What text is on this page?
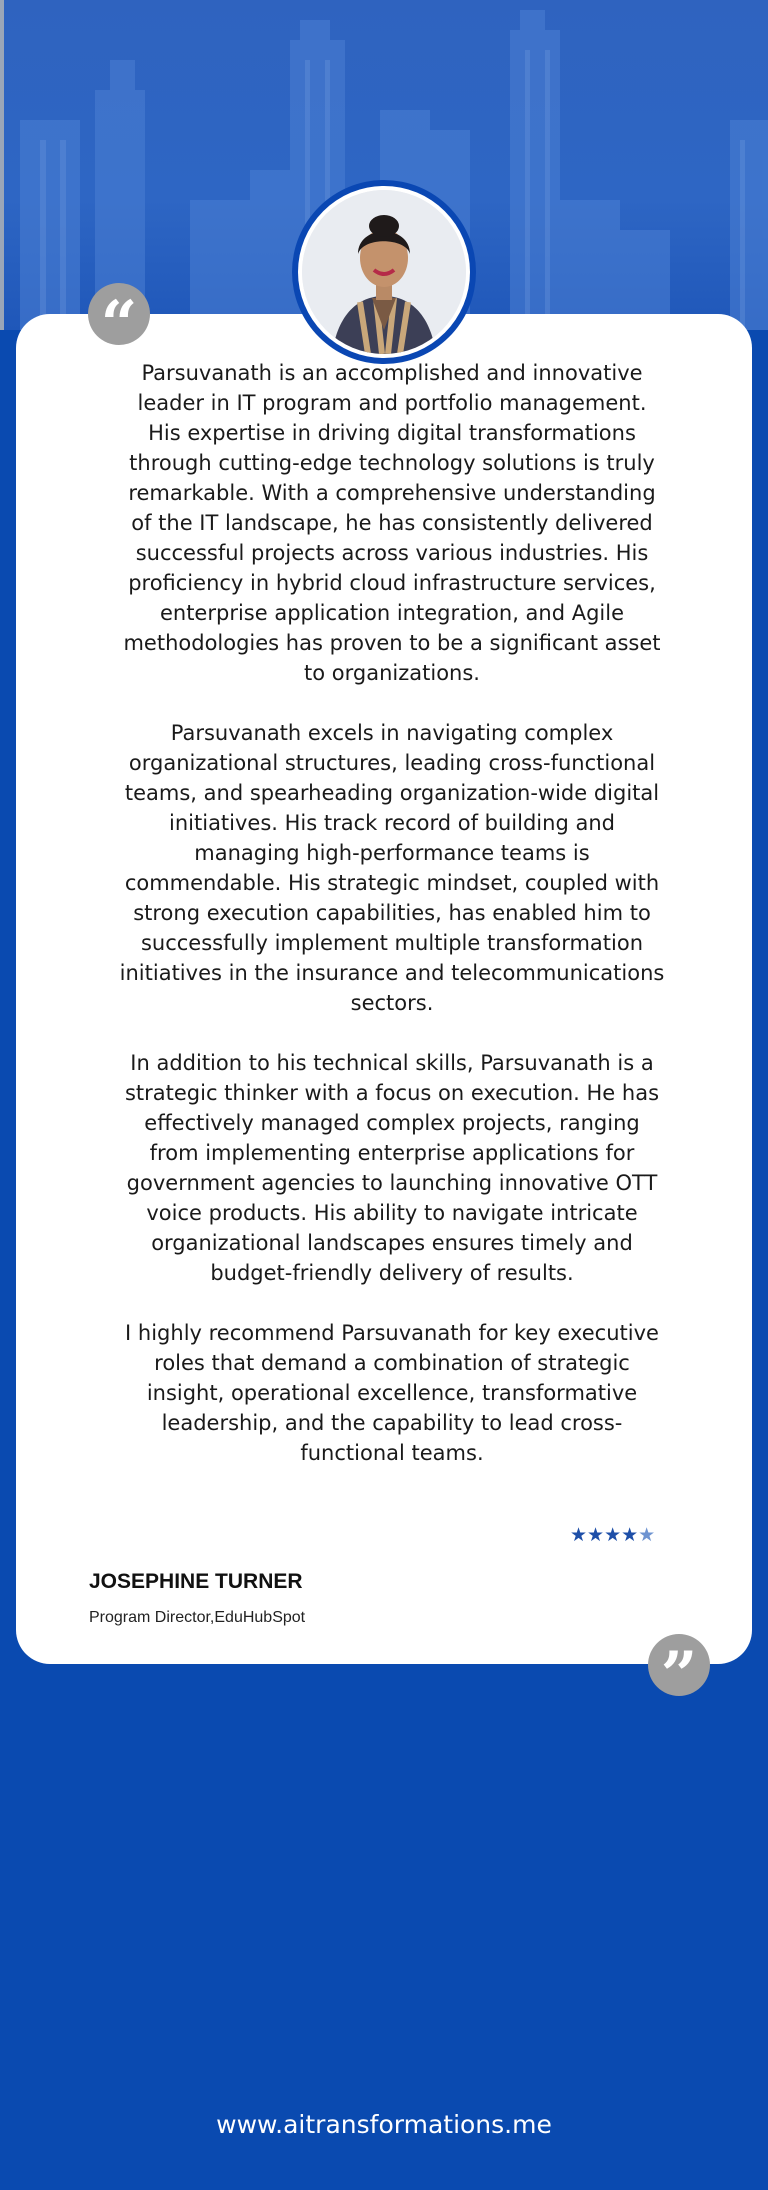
“

Parsuvanath is an accomplished and innovative leader in IT program and portfolio management. His expertise in driving digital transformations through cutting-edge technology solutions is truly remarkable. With a comprehensive understanding of the IT landscape, he has consistently delivered successful projects across various industries. His proficiency in hybrid cloud infrastructure services, enterprise application integration, and Agile methodologies has proven to be a significant asset to organizations.

Parsuvanath excels in navigating complex organizational structures, leading cross-functional teams, and spearheading organization-wide digital initiatives. His track record of building and managing high-performance teams is commendable. His strategic mindset, coupled with strong execution capabilities, has enabled him to successfully implement multiple transformation initiatives in the insurance and telecommunications sectors.

In addition to his technical skills, Parsuvanath is a strategic thinker with a focus on execution. He has effectively managed complex projects, ranging from implementing enterprise applications for government agencies to launching innovative OTT voice products. His ability to navigate intricate organizational landscapes ensures timely and budget-friendly delivery of results.

I highly recommend Parsuvanath for key executive roles that demand a combination of strategic insight, operational excellence, transformative leadership, and the capability to lead cross-functional teams.

★★★★★
JOSEPHINE TURNER
Program Director,EduHubSpot
”
www.aitransformations.me
